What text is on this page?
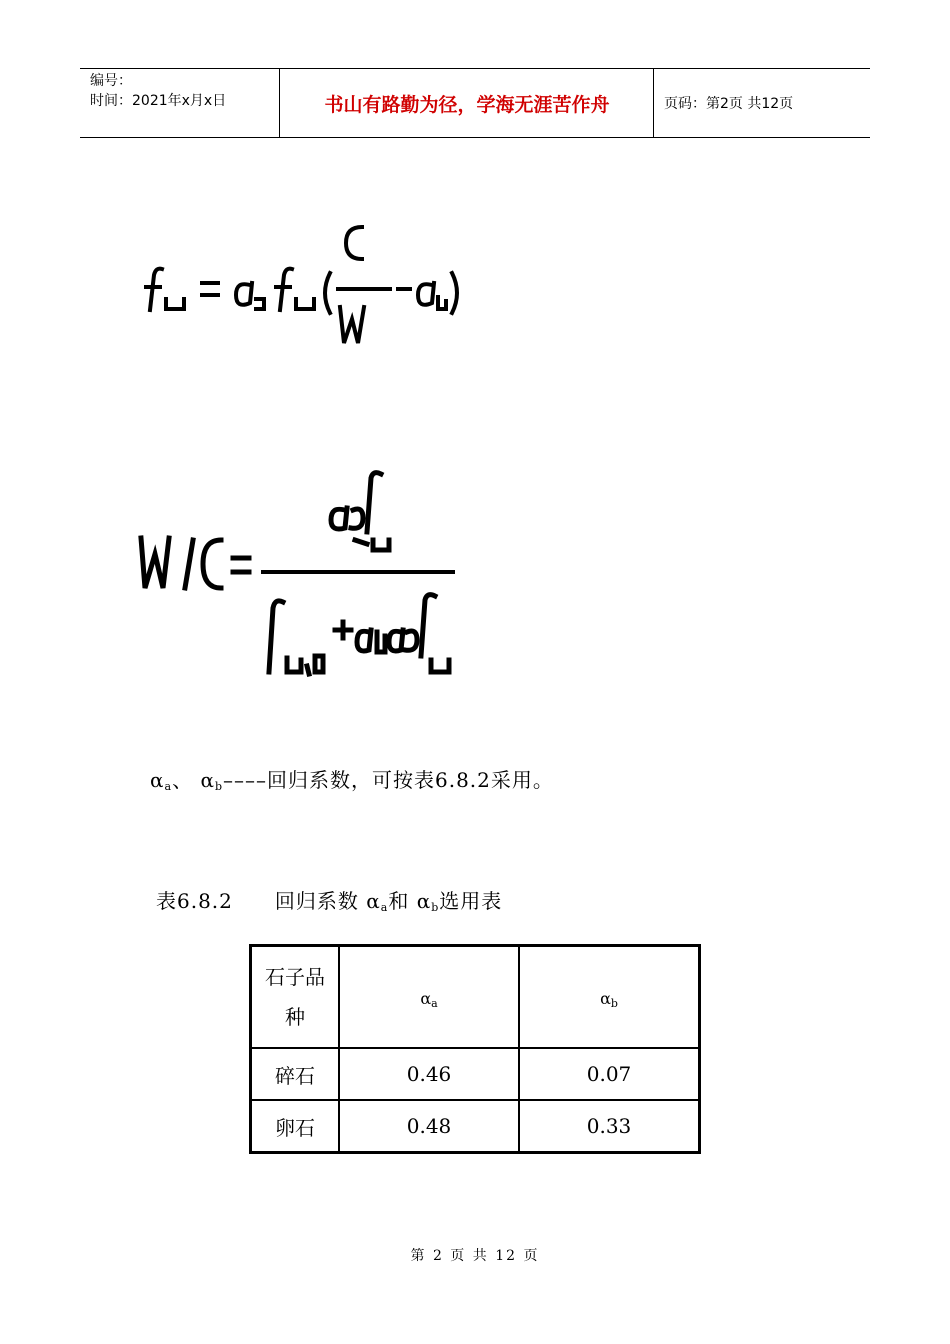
编号：
时间：2021年x月x日	书山有路勤为径，学海无涯苦作舟	页码：第2页 共12页
$\alpha_a$、 $\alpha_b----$回归系数，可按表6.8.2采用。
表6.8.2　　回归系数 $\alpha_a$和 $\alpha_b$选用表
石子品
种	$\alpha_a$	$\alpha_b$
碎石	0.46	0.07
卵石	0.48	0.33
第 2 页 共 12 页
